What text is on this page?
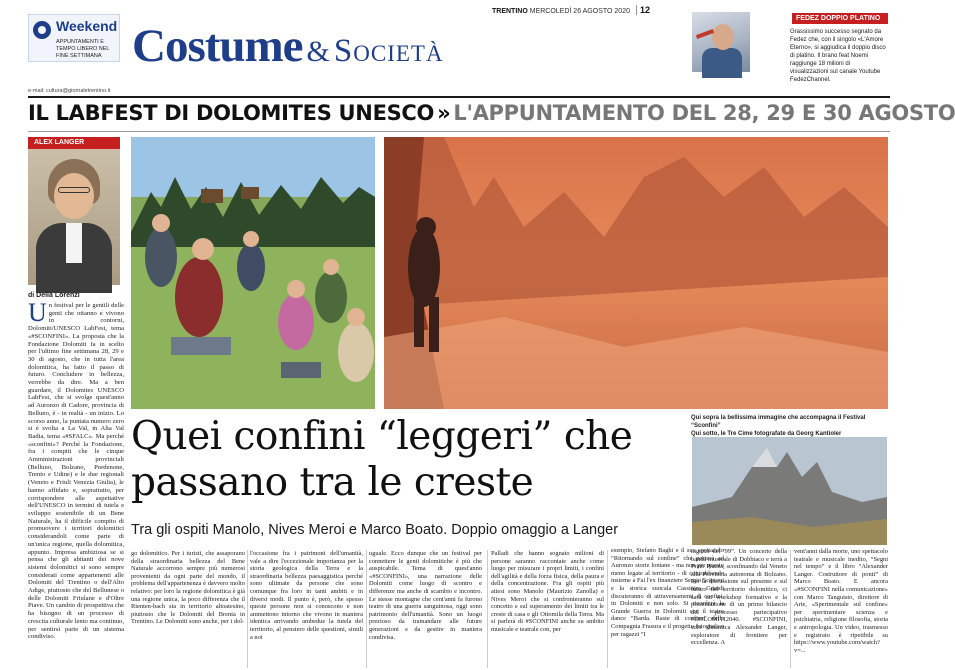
TRENTINO MERCOLEDÌ 26 AGOSTO 2020 12
Weekend
APPUNTAMENTI E TEMPO LIBERO NEL FINE SETTIMANA Costume & Società
FEDEZ DOPPIO PLATINO
Grassissimo successo segnato da Fedez che, con il singolo «L'Amore Eterno», si aggiudica il doppio disco di platino. Il brano feat Noemi raggiunge 18 milioni di visualizzazioni sul canale Youtube FedezChannel.
e-mail: cultura@giornaletrentino.it
IL LABFEST DI DOLOMITES UNESCO » L'APPUNTAMENTO DEL 28, 29 E 30 AGOSTO
ALEX LANGER
di Delia Lorenzi
Un festival per le gentili delle genti che ottanno e vivono in contorni, Dolomiti/UNESCO LabFest, tema «#SCONFINI». La proposta che la Fondazione Dolomiti fa in scelto per l'ultimo fine settimana 28, 29 e 30 di agosto, che in tutta l'area dolomitica, ha fatto il passo di futuro. Concludere in bellezza, verrebbe da dire. Ma a ben guardare, il Dolomites UNESCO LabFest, che si svolge quest'anno ad Auronzo di Cadore, provincia di Belluno, è - in realtà - un inizio. Lo scorso anno, la puntata numero zero si è svolta a La Val, in Alta Val Badia, tema «#SFALC». Ma perché «sconfini»? Perché la Fondazione, fra i compiti che le cinque Amministrazioni provinciali (Belluno, Bolzano, Pordenone, Trento e Udine) e le due regionali (Veneto e Friuli Venezia Giulia), le hanno affidato e, soprattutto, per corrispondere alle aspettative dell'UNESCO in termini di tutela e sviluppo sostenibile di un Bene Naturale, ha il difficile compito di promuovere i territori dolomitici considerandoli come parte di un'unica regione, quella dolomitica, appunto. Impresa ambiziosa se si pensa che gli abitanti dei nove sistemi dolomitici si sono sempre considerati come appartenenti alle Dolomiti del Trentino o dell'Alto Adige, piuttosto che del Bellunese o delle Dolomiti Friulane e d'Oltre Piave. Un cambio di prospettiva che ha bisogno di un processo di crescita culturale lento ma continuo, per sentirsi parte di un sistema condiviso.
Qui sopra la bellissima immagine che accompagna il Festival “Sconfini”
Qui sotto, le Tre Cime fotografate da Georg Kantioler
Quei confini “leggeri” che passano tra le creste
Tra gli ospiti Manolo, Nives Meroi e Marco Boato. Doppio omaggio a Langer
go dolomitico. Per i turisti, che assaporano della straordinaria bellezza del Bene Naturale accorrono sempre più numerosi provenienti da ogni parte del mondo, il problema dell'appartenenza è davvero molto relativo: per loro la regione dolomitica è già una regione unica, la poco differenza che il Rienten-bach sia in territorio altoatesino, piuttosto che le Dolomiti del Brenta in Trentino. Le Dolomiti sono anche, per i dol-
l'occasione fra i patrimoni dell'umanità, vale a dire l'eccezionale importanza per la storia geologica della Terra e la straordinaria bellezza paesaggistica perché sono ultimate da persone che sono comunque fra loro in tanti ambiti e in diversi modi. Il punto è, però, che spesso queste persone non si conoscono e non ammettono intorno che vivono in maniera identica arrivando ambedue la tutela del territorio, al pensiero delle questioni, simili a noi
uguale. Ecco dunque che un festival per connettere le genti dolomitiche è più che auspicabile. Tema di quest'anno «#SCONFINI», una narrazione delle Dolomiti come luogo di scontro e differenze ma anche di scambio e incontro. Le stesse montagne che cent'anni fa furono teatro di una guerra sanguinosa, oggi sono patrimonio dell'umanità. Sono un luogo prezioso da tramandare alle future generazioni e da gestire in maniera condivisa.
Palladi che hanno sognato milioni di persone saranno raccontate anche come luogo per misurare i propri limiti, i confini dell'agilità e della forza fisica, della paura e della concentrazione. Fra gli ospiti più attesi sono Manolo (Maurizio Zanolla) e Nives Meroi che si confronteranno sul concetto e sul superamento dei limiti tra le creste di casa e gli Ottomila della Terra. Ma si parlerà di #SCONFINI anche su ambito musicale e teatrale con, per
esempio, Stefano Baghi e il suo spettacolo “Ritornando sul confine” che porterà ad Auronzo storie lontane - ma non per questo meno legate al territorio - di contrabbando insieme a Fai l'ex finanziere Sergio Scipioni e la storica suocala Cassinira Grandi discuteranno di attraversamenti di confini, in Dolomiti e non solo. Si ricorderà la Grande Guerra in Dolomiti con il teatro dance “Barda. Raste di confine” della Compagnia Frasura e il progetto fotografico per ragazzi “I
ragazzi del '99”. Un concerto della banda musicale di Dobbiaco e terrà a Prato Piazza, sconfinando dal Veneto alla Provincia autonoma di Bolzano. Per la discussione sul presente e sul futuro del territorio dolomitico, ci sarà un workshop formativo e la presentazione di un primo bilancio del processo partecipativo #DOLOMITI2040. #SCONFINI, solo dinamica Alexander Langer, esploratore di frontiere per eccellenza. A
vent'anni dalla morte, uno spettacolo teatrale e musicale inedito, “Segni nel tempo” e il libro “Alexander Langer. Costruttore di ponti” di Marco Boato. E ancora «#SCONFINI nella comunicazione» con Marco Tanguisto, direttore di Arte, «Sperimentale sul confine» per sperimentare scienza e psichiatria, religione filosofia, storia e antropologia. Un video, trasmesso e registrato è ripetibile su https://www.youtube.com/watch?v=...
